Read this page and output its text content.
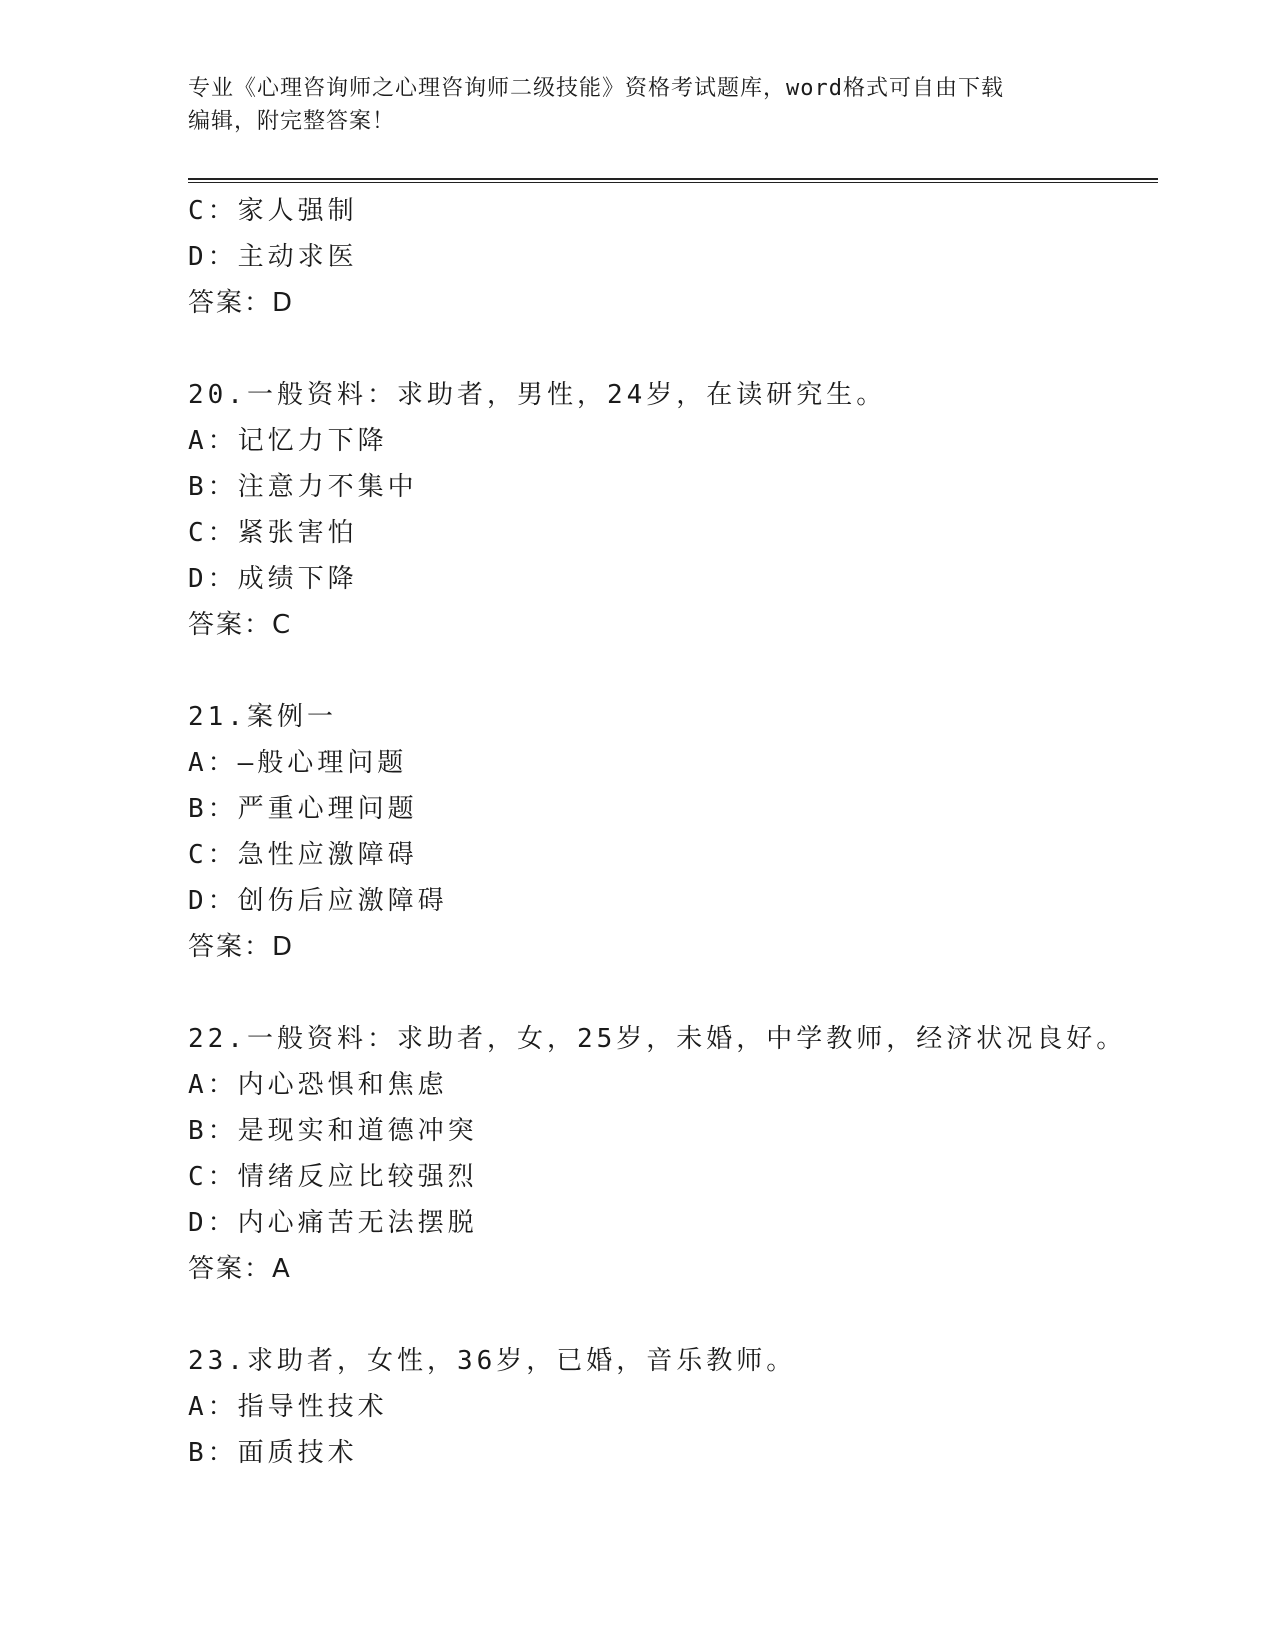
专业《心理咨询师之心理咨询师二级技能》资格考试题库，word格式可自由下载
编辑，附完整答案！
C：家人强制
D：主动求医
答案：D
20.一般资料：求助者，男性，24岁，在读研究生。
A：记忆力下降
B：注意力不集中
C：紧张害怕
D：成绩下降
答案：C
21.案例一
A：—般心理问题
B：严重心理问题
C：急性应激障碍
D：创伤后应激障碍
答案：D
22.一般资料：求助者，女，25岁，未婚，中学教师，经济状况良好。
A：内心恐惧和焦虑
B：是现实和道德冲突
C：情绪反应比较强烈
D：内心痛苦无法摆脱
答案：A
23.求助者，女性，36岁，已婚，音乐教师。
A：指导性技术
B：面质技术
